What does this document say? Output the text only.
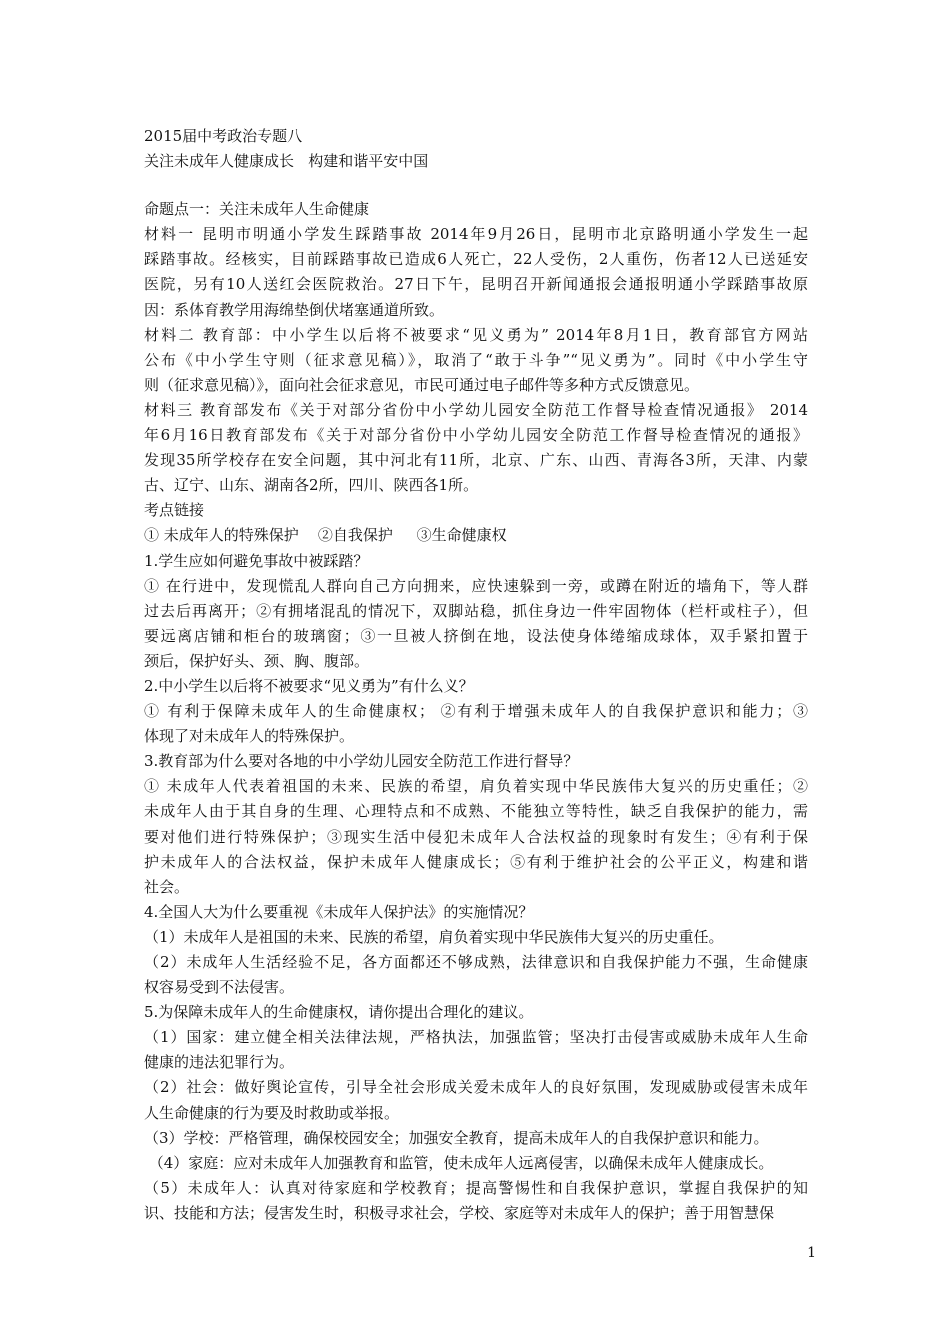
2015届中考政治专题八
关注未成年人健康成长   构建和谐平安中国
命题点一：关注未成年人生命健康
材料一 昆明市明通小学发生踩踏事故 2014年9月26日，昆明市北京路明通小学发生一起
踩踏事故。经核实，目前踩踏事故已造成6人死亡，22人受伤，2人重伤，伤者12人已送延安
医院，另有10人送红会医院救治。27日下午，昆明召开新闻通报会通报明通小学踩踏事故原
因：系体育教学用海绵垫倒伏堵塞通道所致。
材料二 教育部：中小学生以后将不被要求“见义勇为” 2014年8月1日，教育部官方网站
公布《中小学生守则（征求意见稿）》，取消了“敢于斗争”“见义勇为”。同时《中小学生守
则（征求意见稿）》，面向社会征求意见，市民可通过电子邮件等多种方式反馈意见。
材料三 教育部发布《关于对部分省份中小学幼儿园安全防范工作督导检查情况通报》 2014
年6月16日教育部发布《关于对部分省份中小学幼儿园安全防范工作督导检查情况的通报》
发现35所学校存在安全问题，其中河北有11所，北京、广东、山西、青海各3所，天津、内蒙
古、辽宁、山东、湖南各2所，四川、陕西各1所。
考点链接
① 未成年人的特殊保护    ②自我保护     ③生命健康权
1.学生应如何避免事故中被踩踏？
① 在行进中，发现慌乱人群向自己方向拥来，应快速躲到一旁，或蹲在附近的墙角下，等人群
过去后再离开；②有拥堵混乱的情况下，双脚站稳，抓住身边一件牢固物体（栏杆或柱子），但
要远离店铺和柜台的玻璃窗；③一旦被人挤倒在地，设法使身体绻缩成球体，双手紧扣置于
颈后，保护好头、颈、胸、腹部。
2.中小学生以后将不被要求“见义勇为”有什么义？
① 有利于保障未成年人的生命健康权； ②有利于增强未成年人的自我保护意识和能力；③
体现了对未成年人的特殊保护。
3.教育部为什么要对各地的中小学幼儿园安全防范工作进行督导？
① 未成年人代表着祖国的未来、民族的希望，肩负着实现中华民族伟大复兴的历史重任；②
未成年人由于其自身的生理、心理特点和不成熟、不能独立等特性，缺乏自我保护的能力，需
要对他们进行特殊保护；③现实生活中侵犯未成年人合法权益的现象时有发生；④有利于保
护未成年人的合法权益，保护未成年人健康成长；⑤有利于维护社会的公平正义，构建和谐
社会。
4.全国人大为什么要重视《未成年人保护法》的实施情况？
（1）未成年人是祖国的未来、民族的希望，肩负着实现中华民族伟大复兴的历史重任。
（2）未成年人生活经验不足，各方面都还不够成熟，法律意识和自我保护能力不强，生命健康
权容易受到不法侵害。
5.为保障未成年人的生命健康权，请你提出合理化的建议。
（1）国家：建立健全相关法律法规，严格执法，加强监管；坚决打击侵害或威胁未成年人生命
健康的违法犯罪行为。
（2）社会：做好舆论宣传，引导全社会形成关爱未成年人的良好氛围，发现威胁或侵害未成年
人生命健康的行为要及时救助或举报。
（3）学校：严格管理，确保校园安全；加强安全教育，提高未成年人的自我保护意识和能力。
（4）家庭：应对未成年人加强教育和监管，使未成年人远离侵害，以确保未成年人健康成长。
（5）未成年人：认真对待家庭和学校教育；提高警惕性和自我保护意识，掌握自我保护的知
识、技能和方法；侵害发生时，积极寻求社会，学校、家庭等对未成年人的保护；善于用智慧保
1
